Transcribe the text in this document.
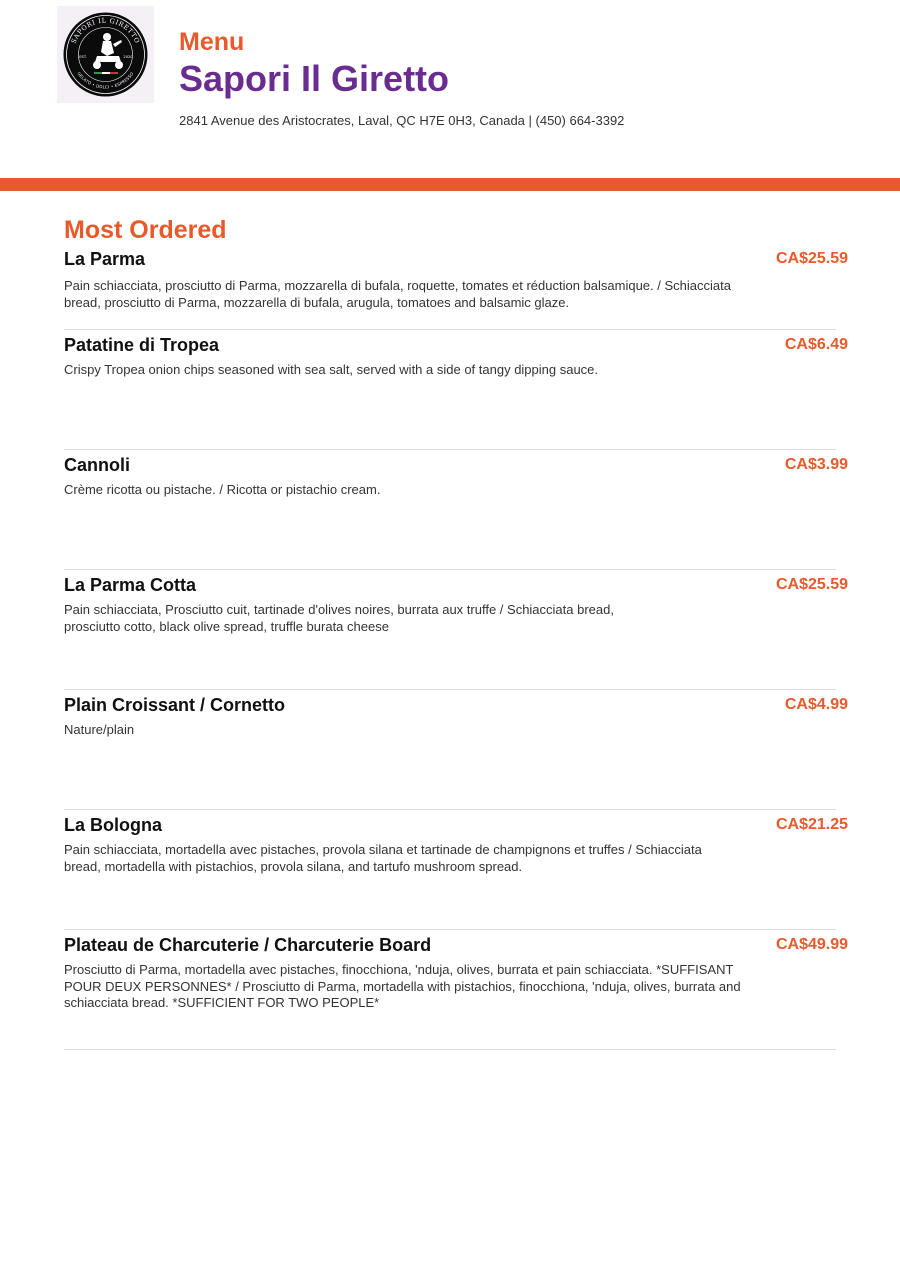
SAPORI IL GIRETTO
GELATO • DOLCI • ESPRESSO
EST.	2020
Menu
Sapori Il Giretto
2841 Avenue des Aristocrates, Laval, QC H7E 0H3, Canada | (450) 664-3392
Most Ordered
La Parma	CA$25.59

Pain schiacciata, prosciutto di Parma, mozzarella di bufala, roquette, tomates et réduction balsamique. / Schiacciata bread, prosciutto di Parma, mozzarella di bufala, arugula, tomatoes and balsamic glaze.

Patatine di Tropea	CA$6.49

Crispy Tropea onion chips seasoned with sea salt, served with a side of tangy dipping sauce.

Cannoli	CA$3.99

Crème ricotta ou pistache. / Ricotta or pistachio cream.

La Parma Cotta	CA$25.59

Pain schiacciata, Prosciutto cuit, tartinade d'olives noires, burrata aux truffe / Schiacciata bread, prosciutto cotto, black olive spread, truffle burata cheese

Plain Croissant / Cornetto	CA$4.99

Nature/plain

La Bologna	CA$21.25

Pain schiacciata, mortadella avec pistaches, provola silana et tartinade de champignons et truffes / Schiacciata bread, mortadella with pistachios, provola silana, and tartufo mushroom spread.

Plateau de Charcuterie / Charcuterie Board	CA$49.99

Prosciutto di Parma, mortadella avec pistaches, finocchiona, 'nduja, olives, burrata et pain schiacciata. *SUFFISANT POUR DEUX PERSONNES* / Prosciutto di Parma, mortadella with pistachios, finocchiona, 'nduja, olives, burrata and schiacciata bread. *SUFFICIENT FOR TWO PEOPLE*
